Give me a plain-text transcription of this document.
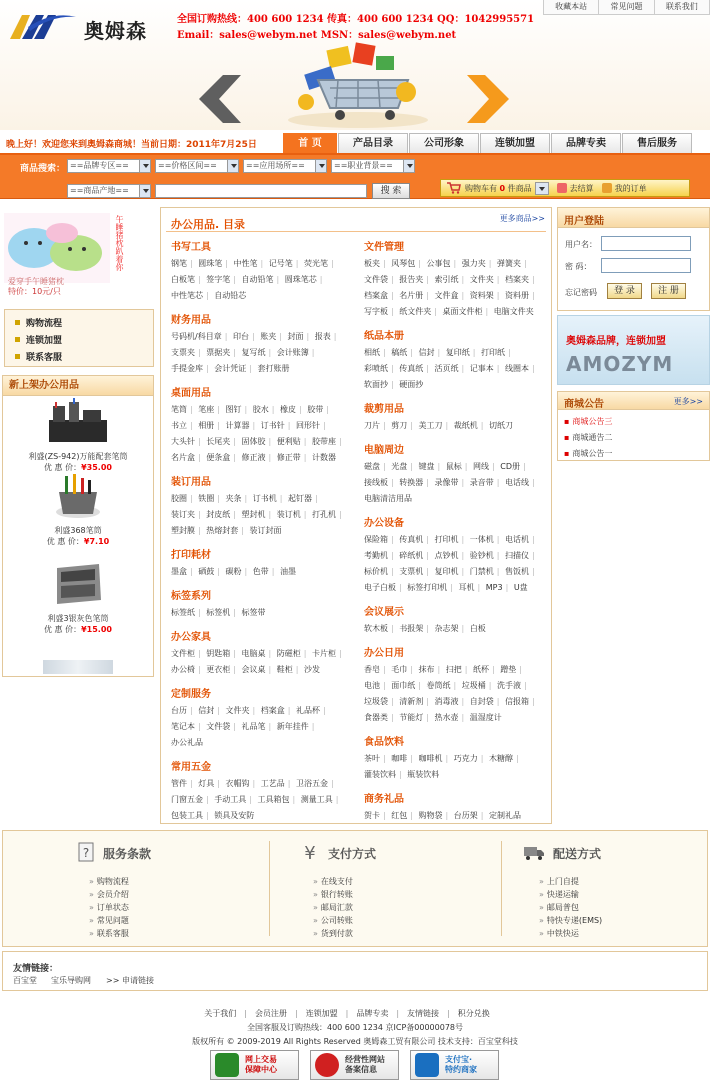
奥姆森	全国订购热线：400 600 1234 传真：400 600 1234 QQ：1042995571
Email：sales@webym.net MSN：sales@webym.net
收藏本站	常见问题	联系我们
晚上好！欢迎您来到奥姆森商城！当前日期：2011年7月25日	首 页	产品目录	公司形象	连锁加盟	品牌专卖	售后服务
商品搜索： ==品牌专区==	==价格区间==	==应用场所==	==职业背景==
==商品产地==	搜 索	购物车有 0 件商品	去结算	我的订单
午睡猪枕趴着你
爱穿手午睡猪枕
特价：10元/只
购物流程
连锁加盟
联系客服
新上架办公用品
利盛(ZS-942)万能配套笔筒
优 惠 价：¥35.00
利盛368笔筒
优 惠 价：¥7.10
利盛3银灰色笔筒
优 惠 价：¥15.00
办公用品. 目录	更多商品>>
书写工具
钢笔 | 圆珠笔 | 中性笔 | 记号笔 | 荧光笔 | 白板笔 | 签字笔 | 自动铅笔 | 圆珠笔芯 | 中性笔芯 | 自动铅芯
财务用品
号码机/科目章 | 印台 | 账夹 | 封面 | 报表 | 支票夹 | 票据夹 | 复写纸 | 会计账簿 | 手提金库 | 会计凭证 | 套打账册
桌面用品
笔筒 | 笔座 | 图钉 | 胶水 | 橡皮 | 胶带 | 书立 | 相册 | 计算器 | 订书针 | 回形针 | 大头针 | 长尾夹 | 固体胶 | 便利贴 | 胶带座 | 名片盒 | 便条盒 | 修正液 | 修正带 | 计数器
装订用品
胶圈 | 铁圈 | 夹条 | 订书机 | 起钉器 | 装订夹 | 封皮纸 | 塑封机 | 装订机 | 打孔机 | 塑封膜 | 热熔封套 | 装订封面
打印耗材
墨盒 | 硒鼓 | 碳粉 | 色带 | 油墨
标签系列
标签纸 | 标签机 | 标签带
办公家具
文件柜 | 钥匙箱 | 电脑桌 | 防磁柜 | 卡片柜 | 办公椅 | 更衣柜 | 会议桌 | 鞋柜 | 沙发
定制服务
台历 | 信封 | 文件夹 | 档案盒 | 礼品杯 | 笔记本 | 文件袋 | 礼品笔 | 新年挂件 | 办公礼品
常用五金
管件 | 灯具 | 衣帽钩 | 工艺品 | 卫浴五金 | 门窗五金 | 手动工具 | 工具箱包 | 测量工具 | 包装工具 | 锁具及安防
文件管理
板夹 | 风琴包 | 公事包 | 强力夹 | 弹簧夹 | 文件袋 | 报告夹 | 索引纸 | 文件夹 | 档案夹 | 档案盒 | 名片册 | 文件盒 | 资料架 | 资料册 | 写字板 | 纸文件夹 | 桌面文件柜 | 电脑文件夹
纸品本册
相纸 | 稿纸 | 信封 | 复印纸 | 打印纸 | 彩喷纸 | 传真纸 | 活页纸 | 记事本 | 线圈本 | 软面抄 | 硬面抄
裁剪用品
刀片 | 剪刀 | 美工刀 | 裁纸机 | 切纸刀
电脑周边
磁盘 | 光盘 | 键盘 | 鼠标 | 网线 | CD册 | 接线板 | 转换器 | 录像带 | 录音带 | 电话线 | 电脑清洁用品
办公设备
保险箱 | 传真机 | 打印机 | 一体机 | 电话机 | 考勤机 | 碎纸机 | 点钞机 | 验钞机 | 扫描仪 | 标价机 | 支票机 | 复印机 | 门禁机 | 售饭机 | 电子白板 | 标签打印机 | 耳机 | MP3 | U盘
会议展示
软木板 | 书报架 | 杂志架 | 白板
办公日用
香皂 | 毛巾 | 抹布 | 扫把 | 纸杯 | 蹭垫 | 电池 | 面巾纸 | 卷筒纸 | 垃圾桶 | 洗手液 | 垃圾袋 | 清新剂 | 消毒液 | 自封袋 | 信报箱 | 食器类 | 节能灯 | 热水壶 | 温湿度计
食品饮料
茶叶 | 咖啡 | 咖啡机 | 巧克力 | 木糖醇 | 灌装饮料 | 瓶装饮料
商务礼品
贺卡 | 红包 | 购物袋 | 台历架 | 定制礼品
用户登陆
用户名：
密 码：
忘记密码	登 录	注 册
奥姆森品牌，连锁加盟
AMOZYM
商城公告	更多>>
▪ 商城公告三
▪ 商城通告二
▪ 商城公告一
? 服务条款
» 购物流程
» 会员介绍
» 订单状态
» 常见问题
» 联系客服
¥ 支付方式
» 在线支付
» 银行转账
» 邮局汇款
» 公司转账
» 货到付款
配送方式
» 上门自提
» 快递运输
» 邮局普包
» 特快专递(EMS)
» 中铁快运
友情链接：
百宝堂 宝乐导购网 >> 申请链接
关于我们 | 会员注册 | 连锁加盟 | 品牌专卖 | 友情链接 | 积分兑换
全国客服及订购热线：400 600 1234 京ICP备00000078号
版权所有 © 2009-2019 All Rights Reserved 奥姆森工贸有限公司 技术支持：百宝堂科技
网上交易
保障中心
经营性网站
备案信息
支付宝·
特约商家
